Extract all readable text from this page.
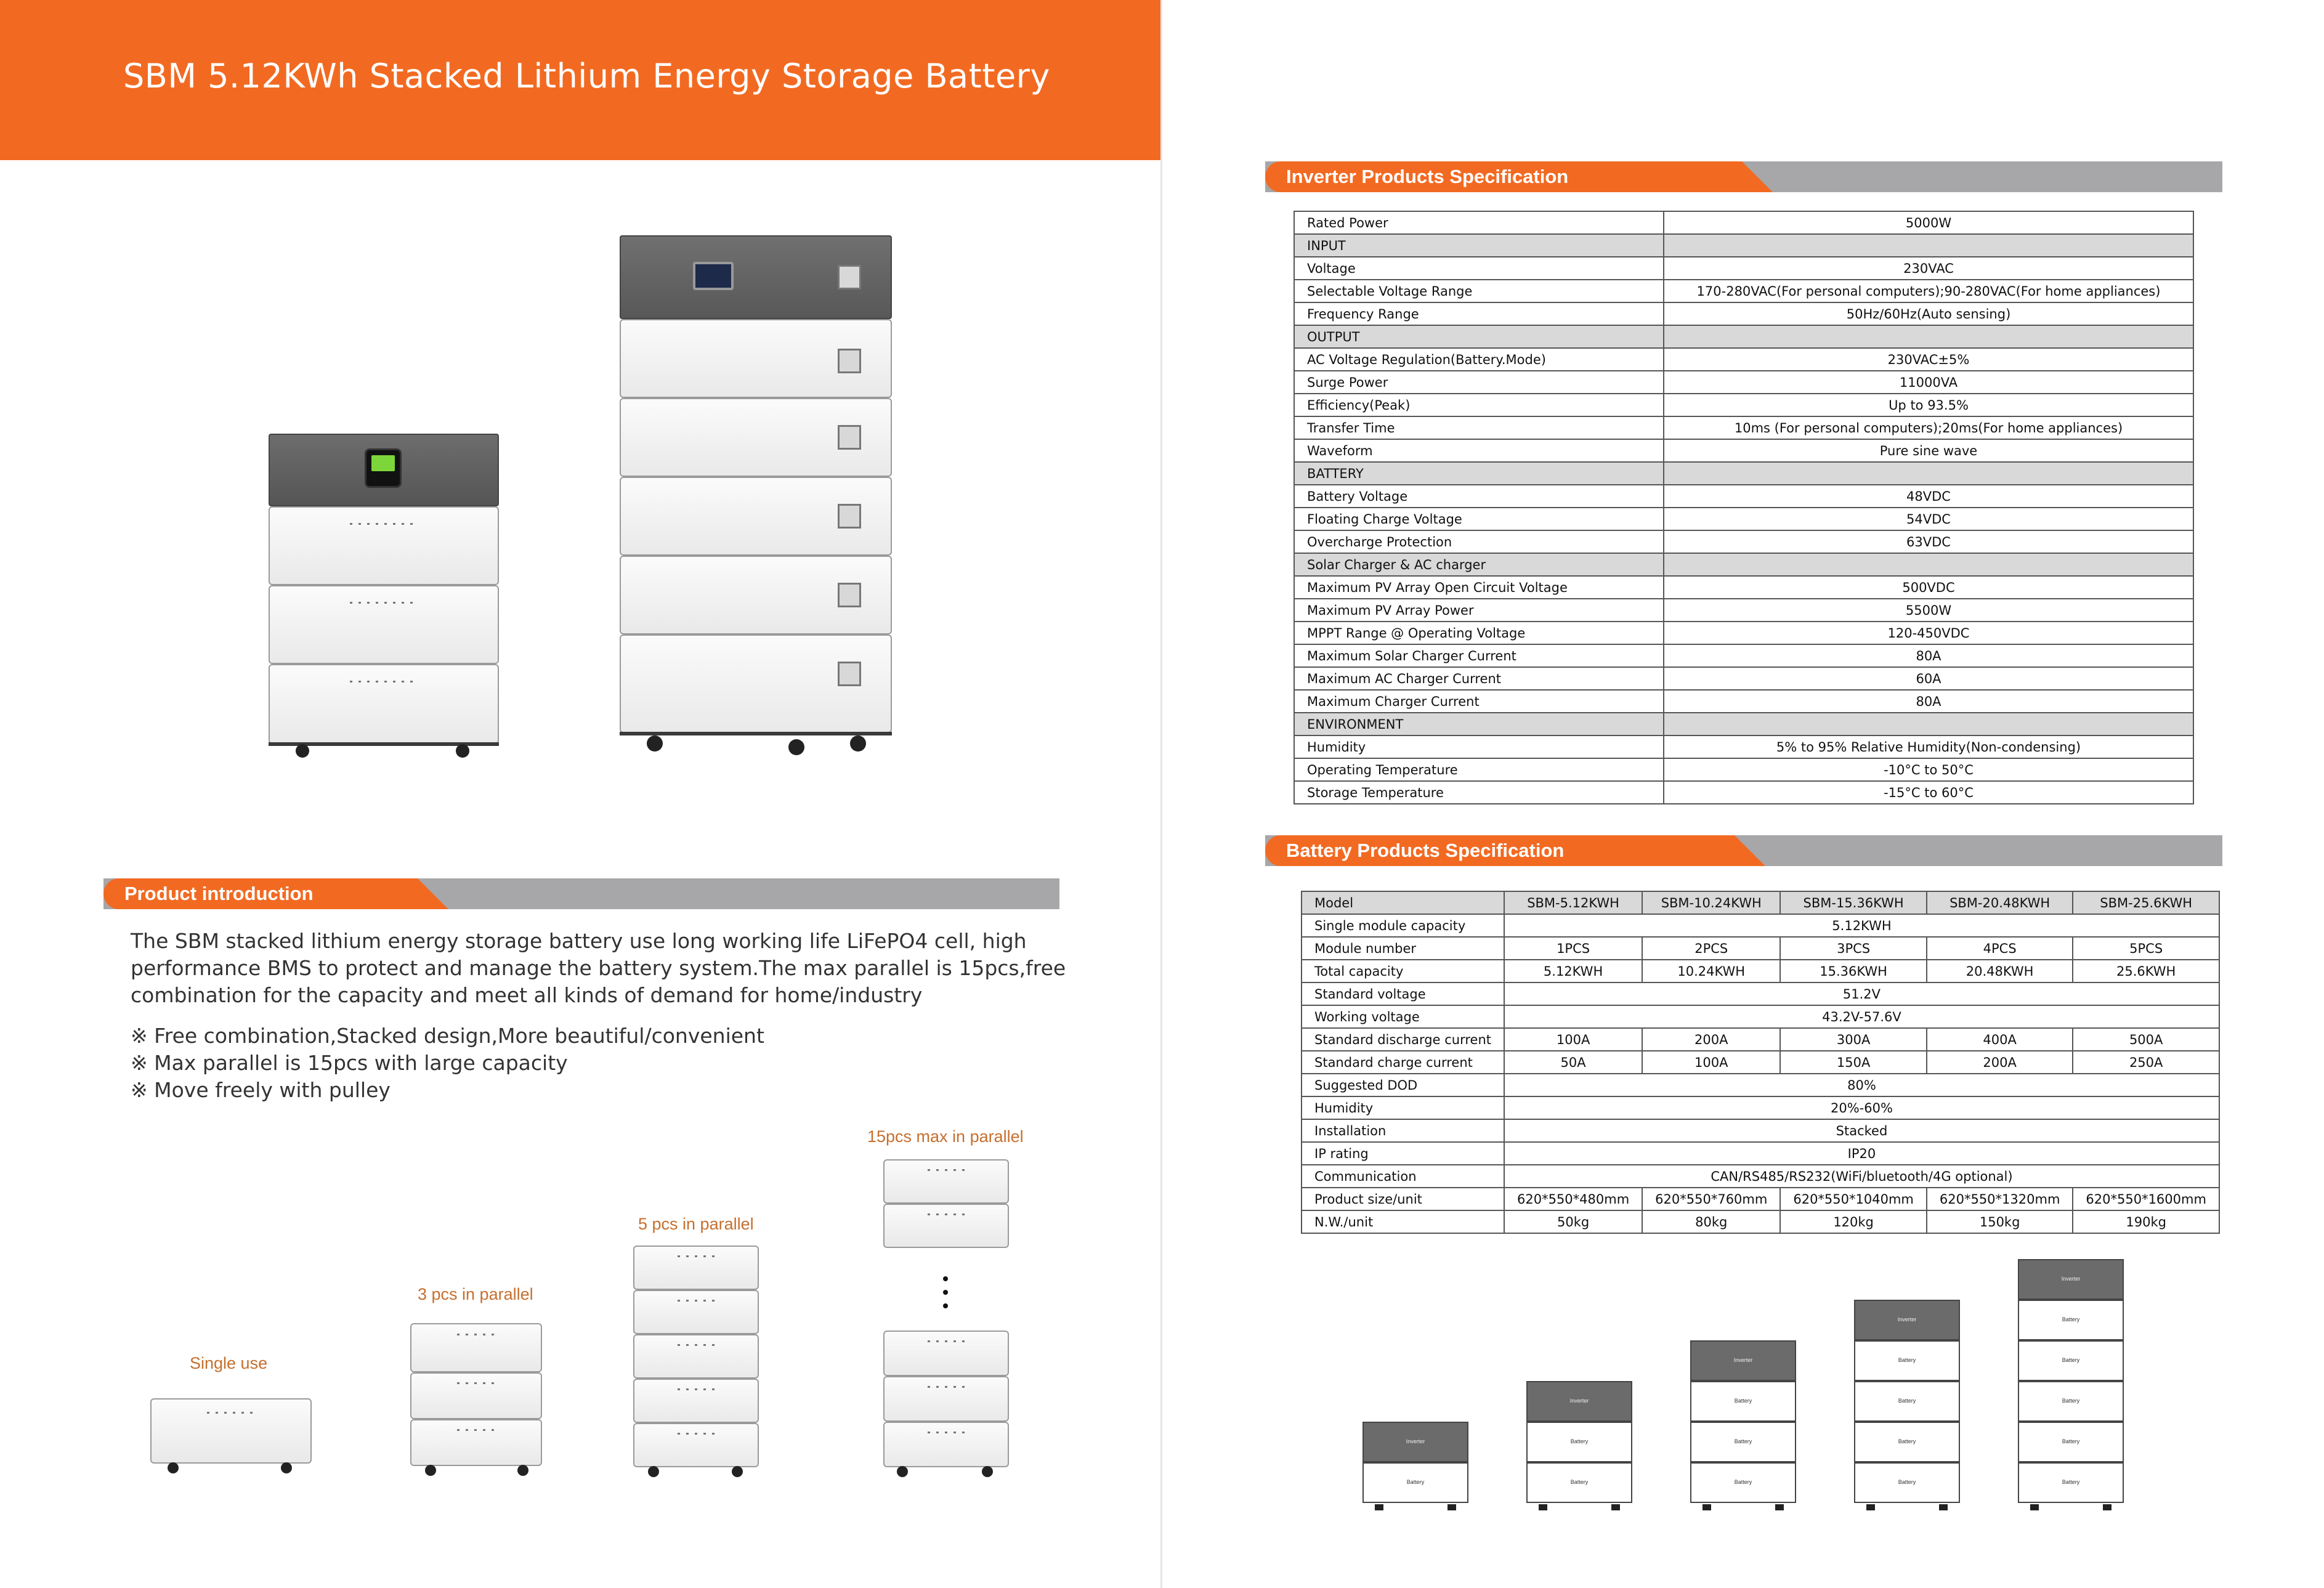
SBM 5.12KWh Stacked Lithium Energy Storage Battery
Product introduction
The SBM stacked lithium energy storage battery use long working life LiFePO4 cell, high performance BMS to protect and manage the battery system.The max parallel is 15pcs,free combination for the capacity and meet all kinds of demand for home/industry
※ Free combination,Stacked design,More beautiful/convenient
※ Max parallel is 15pcs with large capacity
※ Move freely with pulley
Single use
3 pcs in parallel
5 pcs in parallel
15pcs max in parallel
Inverter Products Specification
Rated Power	5000W
INPUT	
Voltage	230VAC
Selectable Voltage Range	170-280VAC(For personal computers);90-280VAC(For home appliances)
Frequency Range	50Hz/60Hz(Auto sensing)
OUTPUT	
AC Voltage Regulation(Battery.Mode)	230VAC±5%
Surge Power	11000VA
Efficiency(Peak)	Up to 93.5%
Transfer Time	10ms (For personal computers);20ms(For home appliances)
Waveform	Pure sine wave
BATTERY	
Battery Voltage	48VDC
Floating Charge Voltage	54VDC
Overcharge Protection	63VDC
Solar Charger & AC charger	
Maximum PV Array Open Circuit Voltage	500VDC
Maximum PV Array Power	5500W
MPPT Range @ Operating Voltage	120-450VDC
Maximum Solar Charger Current	80A
Maximum AC Charger Current	60A
Maximum Charger Current	80A
ENVIRONMENT	
Humidity	5% to 95% Relative Humidity(Non-condensing)
Operating Temperature	-10°C to 50°C
Storage Temperature	-15°C to 60°C
Battery Products Specification
Model	SBM-5.12KWH	SBM-10.24KWH	SBM-15.36KWH	SBM-20.48KWH	SBM-25.6KWH
Single module capacity	5.12KWH				
Module number	1PCS	2PCS	3PCS	4PCS	5PCS
Total capacity	5.12KWH	10.24KWH	15.36KWH	20.48KWH	25.6KWH
Standard voltage	51.2V				
Working voltage	43.2V-57.6V				
Standard discharge current	100A	200A	300A	400A	500A
Standard charge current	50A	100A	150A	200A	250A
Suggested DOD	80%				
Humidity	20%-60%				
Installation	Stacked				
IP rating	IP20				
Communication	CAN/RS485/RS232(WiFi/bluetooth/4G optional)				
Product size/unit	620*550*480mm	620*550*760mm	620*550*1040mm	620*550*1320mm	620*550*1600mm
N.W./unit	50kg	80kg	120kg	150kg	190kg
Battery
Inverter
Battery
Battery
Inverter
Battery
Battery
Battery
Inverter
Battery
Battery
Battery
Battery
Inverter
Battery
Battery
Battery
Battery
Battery
Inverter
